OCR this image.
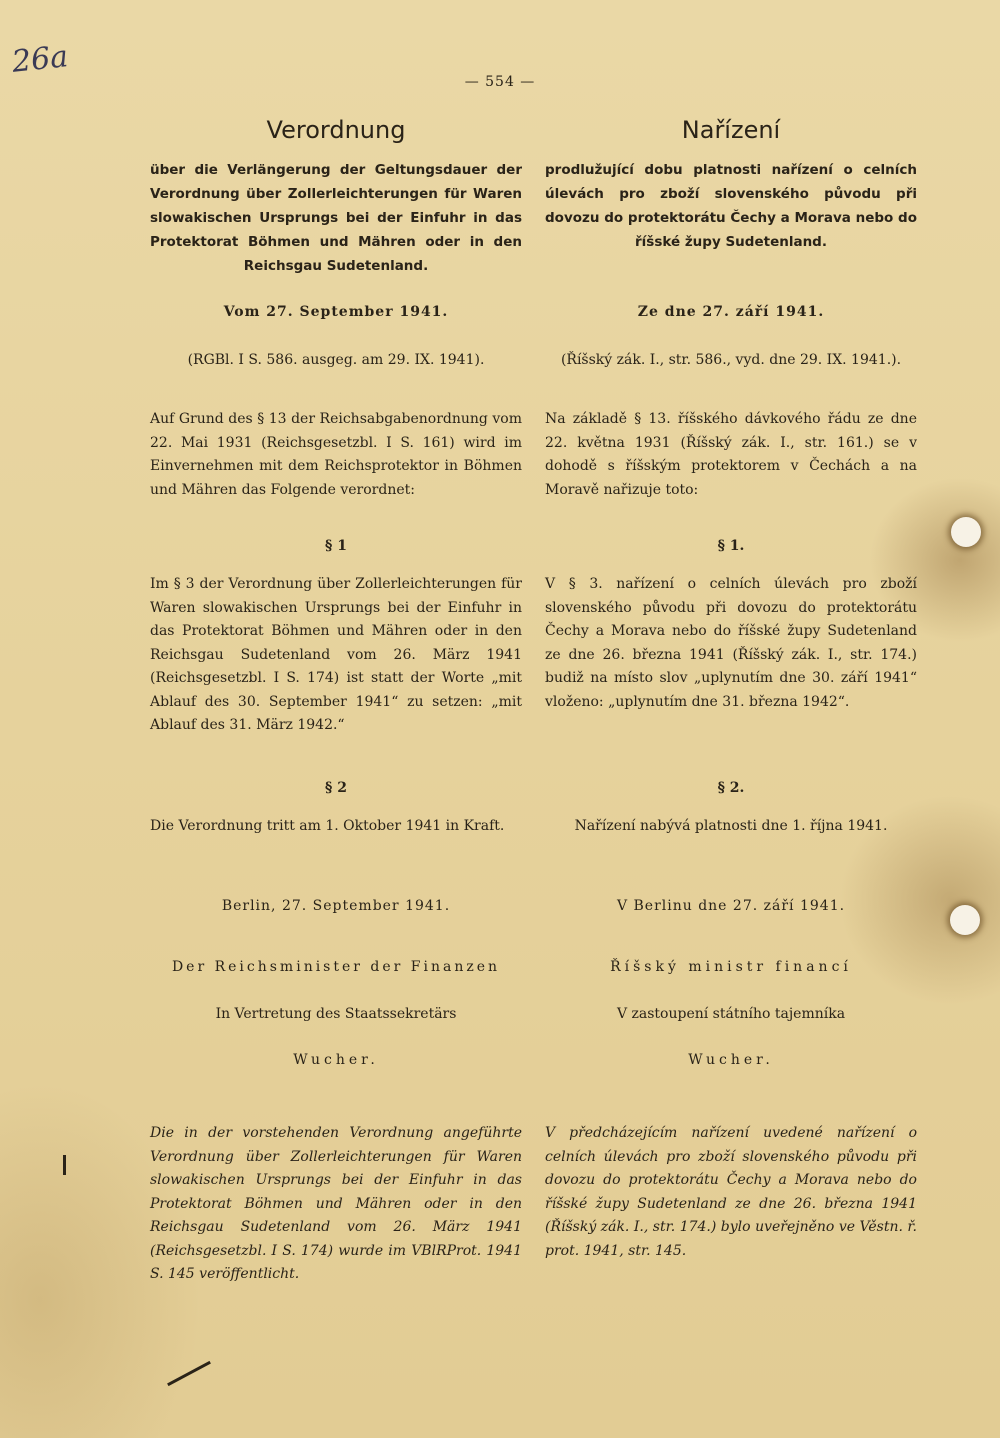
26a
— 554 —
Verordnung
über die Verlängerung der Geltungsdauer der Verordnung über Zollerleichterungen für Waren slowakischen Ursprungs bei der Einfuhr in das Protektorat Böhmen und Mähren oder in den Reichsgau Sudetenland.
Vom 27. September 1941.
(RGBl. I S. 586. ausgeg. am 29. IX. 1941).
Auf Grund des § 13 der Reichsabgabenordnung vom 22. Mai 1931 (Reichsgesetzbl. I S. 161) wird im Einvernehmen mit dem Reichsprotektor in Böhmen und Mähren das Folgende verordnet:
§ 1
Im § 3 der Verordnung über Zollerleichterungen für Waren slowakischen Ursprungs bei der Einfuhr in das Protektorat Böhmen und Mähren oder in den Reichsgau Sudetenland vom 26. März 1941 (Reichsgesetzbl. I S. 174) ist statt der Worte „mit Ablauf des 30. September 1941“ zu setzen: „mit Ablauf des 31. März 1942.“
§ 2
Die Verordnung tritt am 1. Oktober 1941 in Kraft.
Berlin, 27. September 1941.
Der Reichsminister der Finanzen
In Vertretung des Staatssekretärs
Wucher.
Die in der vorstehenden Verordnung angeführte Verordnung über Zollerleichterungen für Waren slowakischen Ursprungs bei der Einfuhr in das Protektorat Böhmen und Mähren oder in den Reichsgau Sudetenland vom 26. März 1941 (Reichsgesetzbl. I S. 174) wurde im VBlRProt. 1941 S. 145 veröffentlicht.
Nařízení
prodlužující dobu platnosti nařízení o celních úlevách pro zboží slovenského původu při dovozu do protektorátu Čechy a Morava nebo do říšské župy Sudetenland.
Ze dne 27. září 1941.
(Říšský zák. I., str. 586., vyd. dne 29. IX. 1941.).
Na základě § 13. říšského dávkového řádu ze dne 22. května 1931 (Říšský zák. I., str. 161.) se v dohodě s říšským protektorem v Čechách a na Moravě nařizuje toto:
§ 1.
V § 3. nařízení o celních úlevách pro zboží slovenského původu při dovozu do protektorátu Čechy a Morava nebo do říšské župy Sudetenland ze dne 26. března 1941 (Říšský zák. I., str. 174.) budiž na místo slov „uplynutím dne 30. září 1941“ vloženo: „uplynutím dne 31. března 1942“.
§ 2.
Nařízení nabývá platnosti dne 1. října 1941.
V Berlinu dne 27. září 1941.
Říšský ministr financí
V zastoupení státního tajemníka
Wucher.
V předcházejícím nařízení uvedené nařízení o celních úlevách pro zboží slovenského původu při dovozu do protektorátu Čechy a Morava nebo do říšské župy Sudetenland ze dne 26. března 1941 (Říšský zák. I., str. 174.) bylo uveřejněno ve Věstn. ř. prot. 1941, str. 145.
